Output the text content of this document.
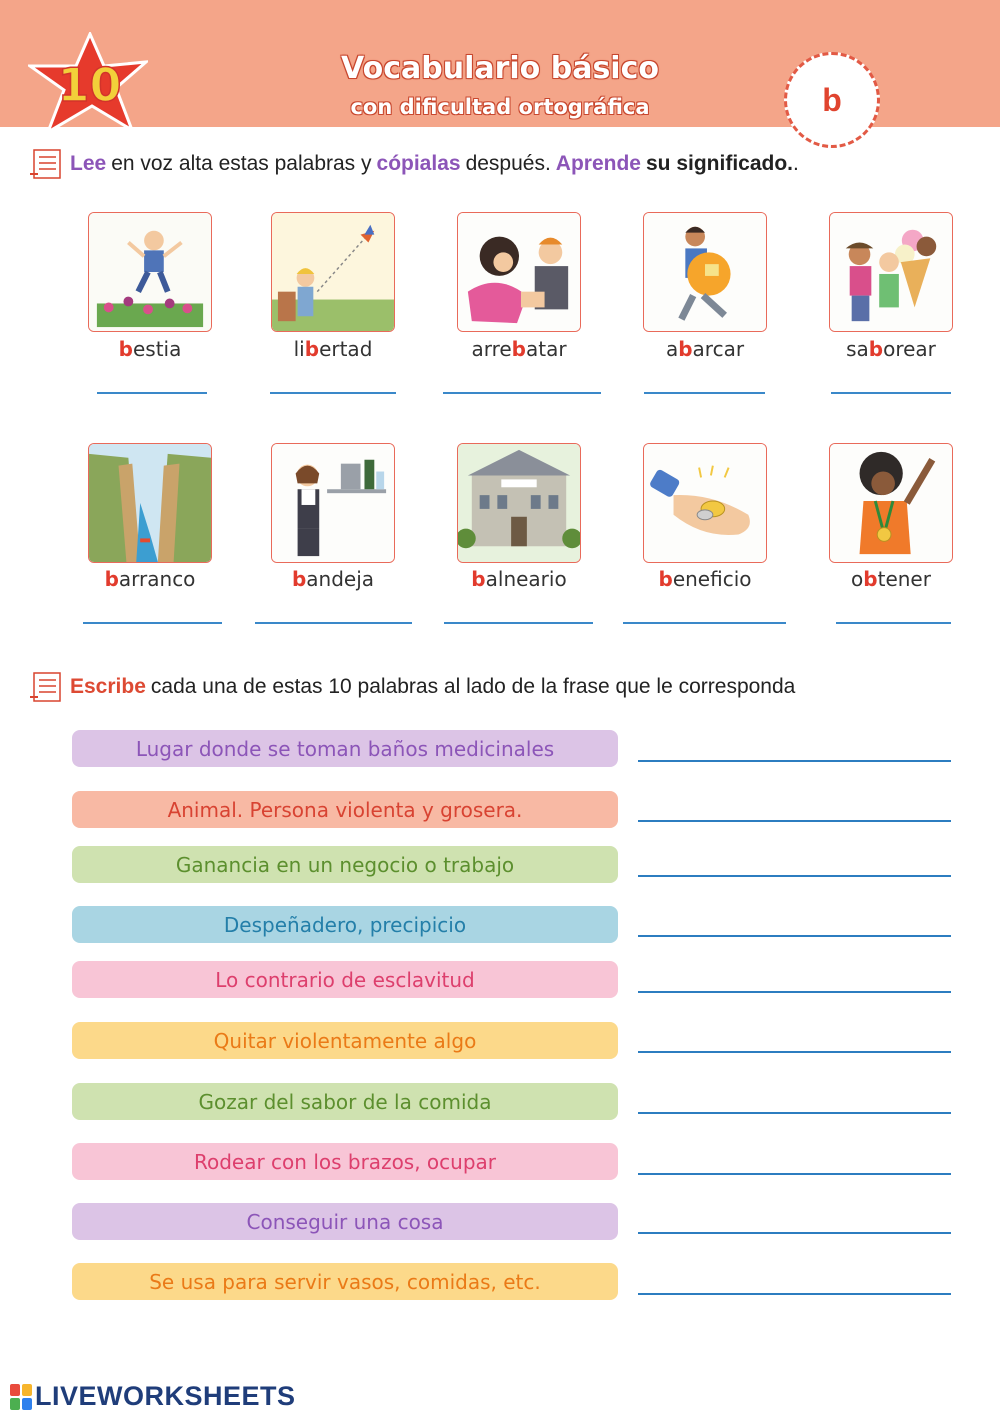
10	Vocabulario básico
con dificultad ortográfica	b
Lee en voz alta estas palabras y cópialas después. Aprende su significado. .
bestia	libertad	arrebatar	abarcar	saborear
barranco	bandeja	balneario	beneficio	obtener
Escribe cada una de estas 10 palabras al lado de la frase que le corresponda
Lugar donde se toman baños medicinales
Animal. Persona violenta y grosera.
Ganancia en un negocio o trabajo
Despeñadero, precipicio
Lo contrario de esclavitud
Quitar violentamente algo
Gozar del sabor de la comida
Rodear con los brazos, ocupar
Conseguir una cosa
Se usa para servir vasos, comidas, etc.
LIVEWORKSHEETS
